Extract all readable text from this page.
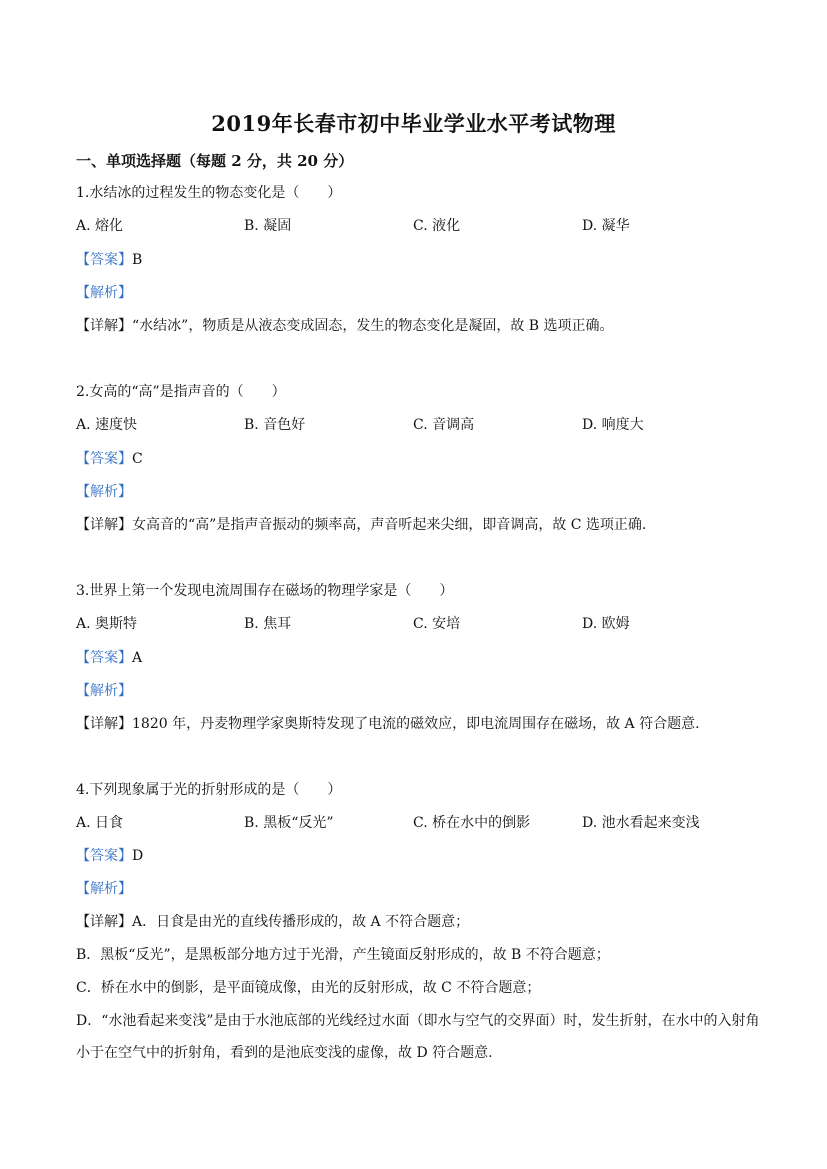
2019年长春市初中毕业学业水平考试物理
一、单项选择题（每题 2 分，共 20 分）
1.水结冰的过程发生的物态变化是（　　）
A. 熔化	B. 凝固	C. 液化	D. 凝华
【答案】B
【解析】
【详解】“水结冰”，物质是从液态变成固态，发生的物态变化是凝固，故 B 选项正确。
2.女高的“高”是指声音的（　　）
A. 速度快	B. 音色好	C. 音调高	D. 响度大
【答案】C
【解析】
【详解】女高音的“高”是指声音振动的频率高，声音听起来尖细，即音调高，故 C 选项正确.
3.世界上第一个发现电流周围存在磁场的物理学家是（　　）
A. 奥斯特	B. 焦耳	C. 安培	D. 欧姆
【答案】A
【解析】
【详解】1820 年，丹麦物理学家奥斯特发现了电流的磁效应，即电流周围存在磁场，故 A 符合题意.
4.下列现象属于光的折射形成的是（　　）
A. 日食	B. 黑板“反光”	C. 桥在水中的倒影	D. 池水看起来变浅
【答案】D
【解析】
【详解】A．日食是由光的直线传播形成的，故 A 不符合题意；
B．黑板“反光”，是黑板部分地方过于光滑，产生镜面反射形成的，故 B 不符合题意；
C．桥在水中的倒影，是平面镜成像，由光的反射形成，故 C 不符合题意；
D．“水池看起来变浅”是由于水池底部的光线经过水面（即水与空气的交界面）时，发生折射，在水中的入射角小于在空气中的折射角，看到的是池底变浅的虚像，故 D 符合题意.
